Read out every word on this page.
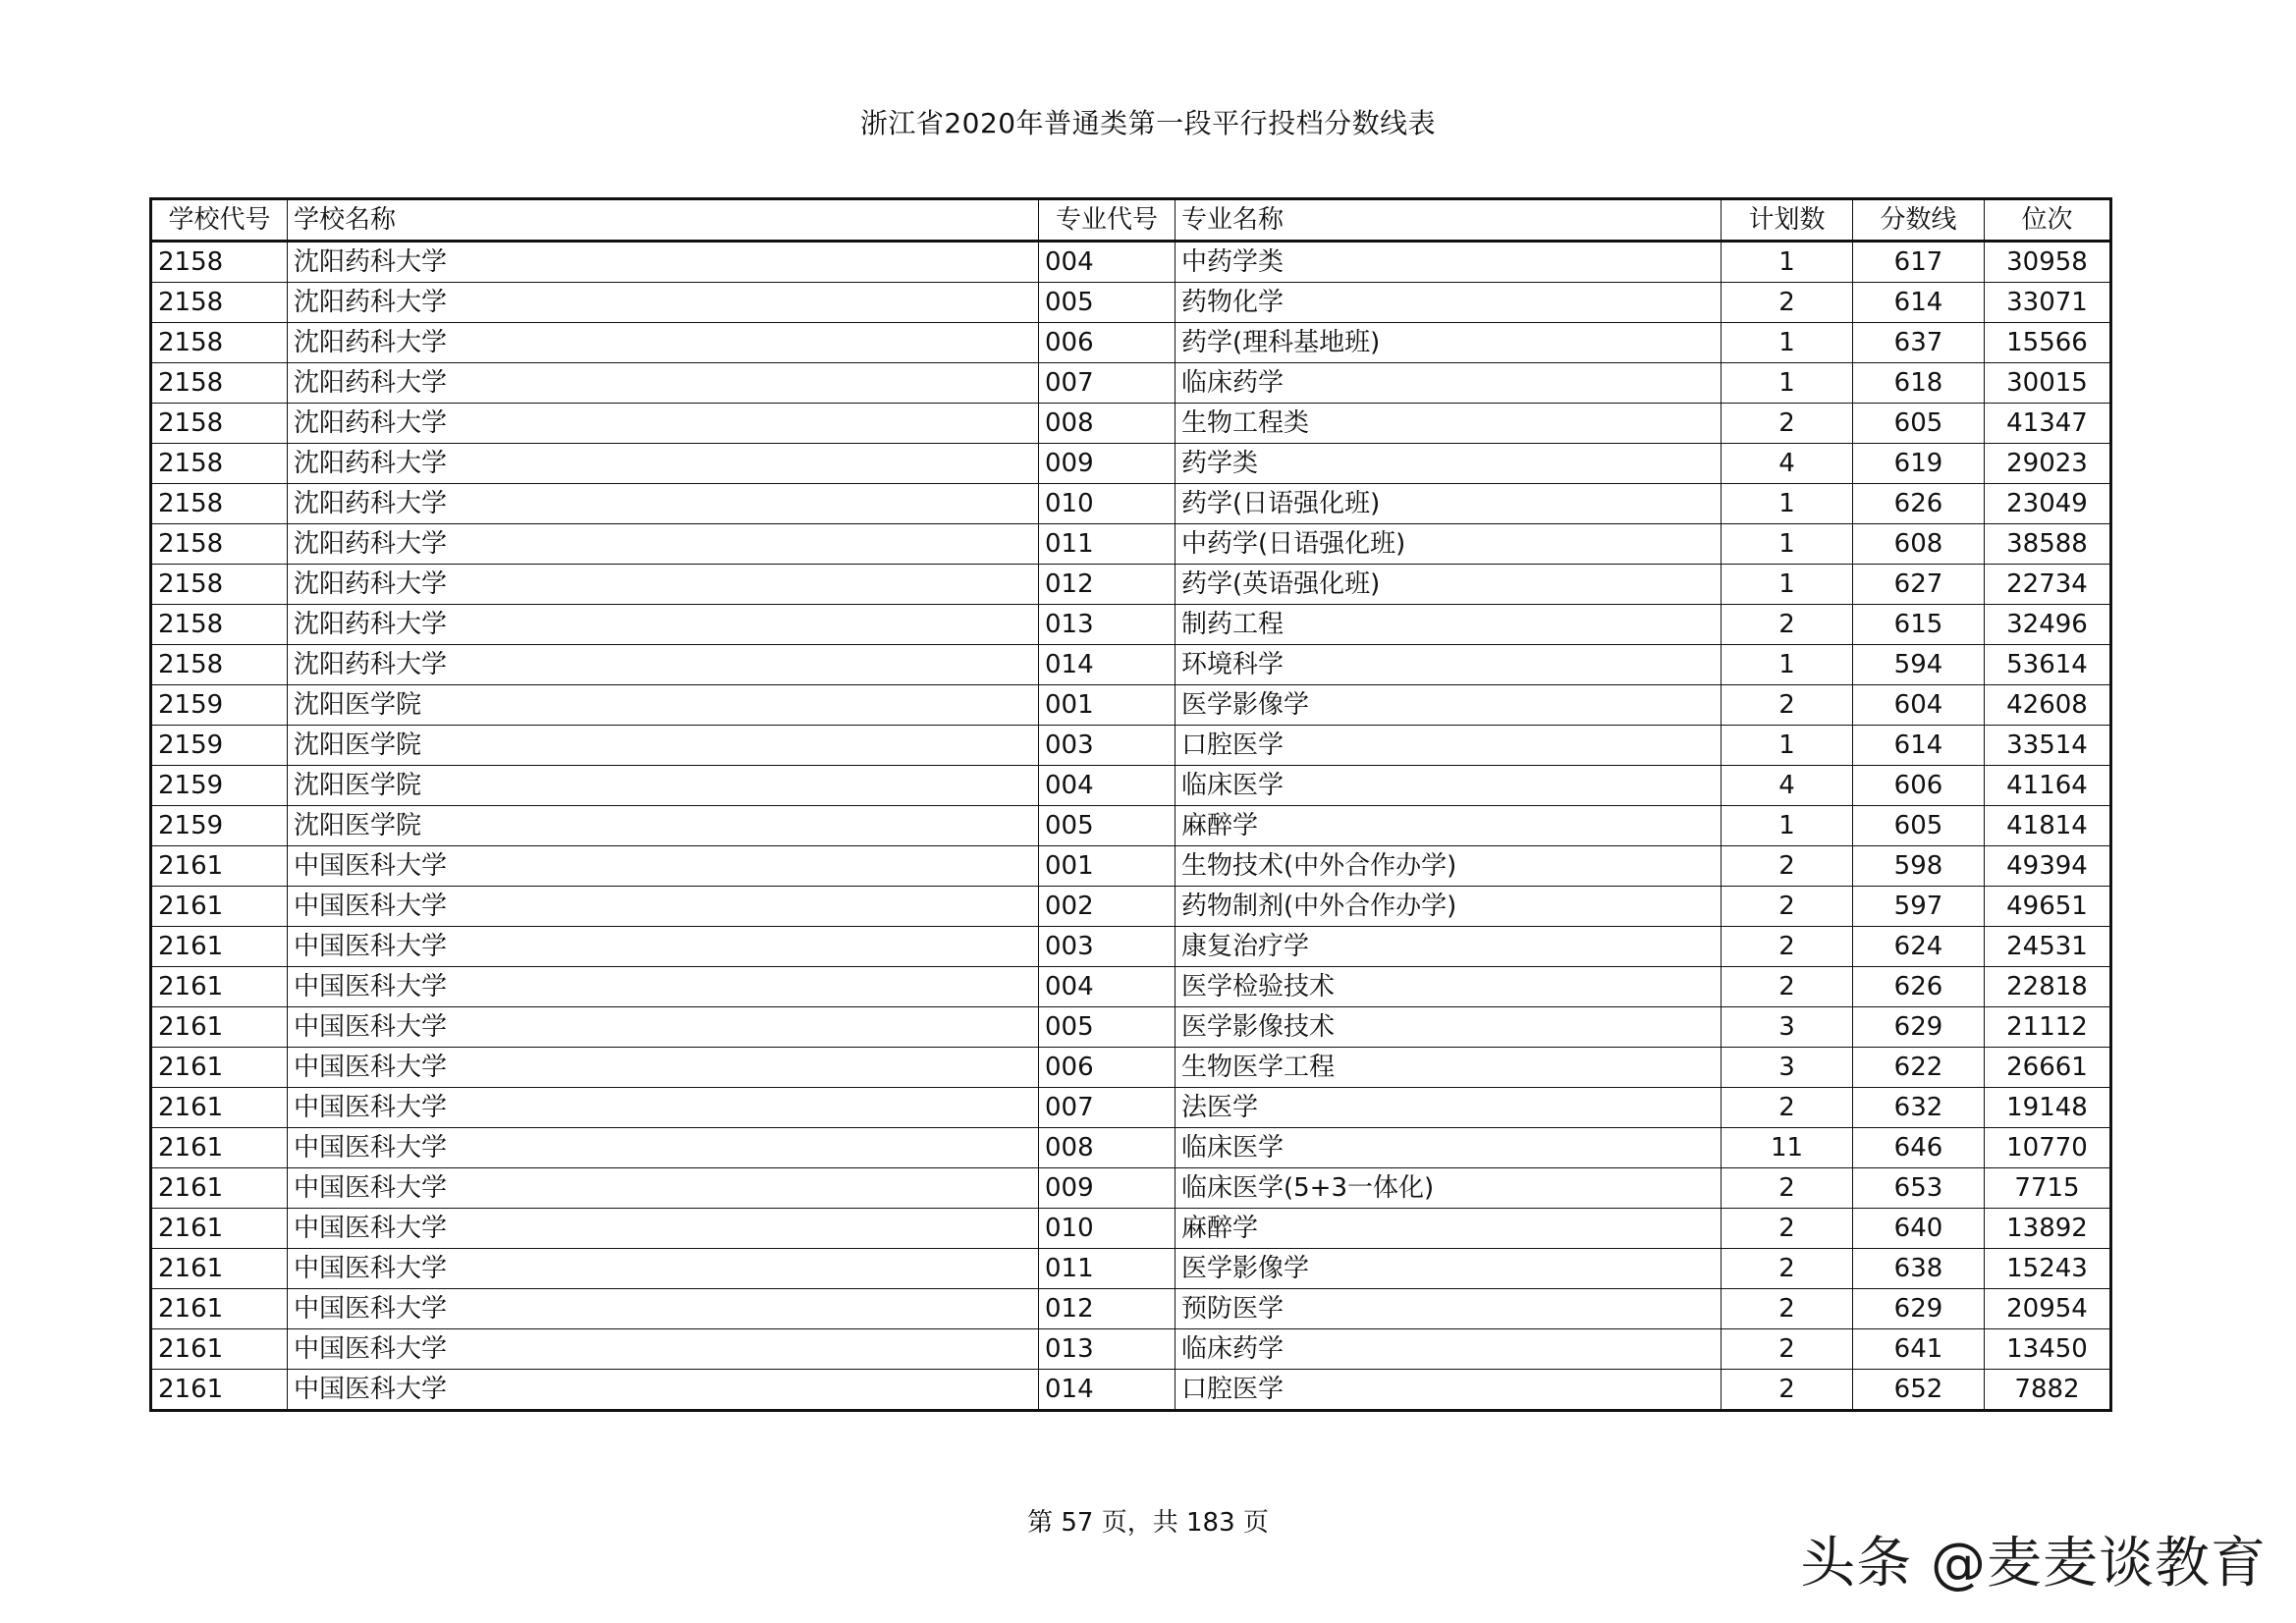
浙江省2020年普通类第一段平行投档分数线表
学校代号	学校名称	专业代号	专业名称	计划数	分数线	位次
2158	沈阳药科大学	004	中药学类	1	617	30958
2158	沈阳药科大学	005	药物化学	2	614	33071
2158	沈阳药科大学	006	药学(理科基地班)	1	637	15566
2158	沈阳药科大学	007	临床药学	1	618	30015
2158	沈阳药科大学	008	生物工程类	2	605	41347
2158	沈阳药科大学	009	药学类	4	619	29023
2158	沈阳药科大学	010	药学(日语强化班)	1	626	23049
2158	沈阳药科大学	011	中药学(日语强化班)	1	608	38588
2158	沈阳药科大学	012	药学(英语强化班)	1	627	22734
2158	沈阳药科大学	013	制药工程	2	615	32496
2158	沈阳药科大学	014	环境科学	1	594	53614
2159	沈阳医学院	001	医学影像学	2	604	42608
2159	沈阳医学院	003	口腔医学	1	614	33514
2159	沈阳医学院	004	临床医学	4	606	41164
2159	沈阳医学院	005	麻醉学	1	605	41814
2161	中国医科大学	001	生物技术(中外合作办学)	2	598	49394
2161	中国医科大学	002	药物制剂(中外合作办学)	2	597	49651
2161	中国医科大学	003	康复治疗学	2	624	24531
2161	中国医科大学	004	医学检验技术	2	626	22818
2161	中国医科大学	005	医学影像技术	3	629	21112
2161	中国医科大学	006	生物医学工程	3	622	26661
2161	中国医科大学	007	法医学	2	632	19148
2161	中国医科大学	008	临床医学	11	646	10770
2161	中国医科大学	009	临床医学(5+3一体化)	2	653	7715
2161	中国医科大学	010	麻醉学	2	640	13892
2161	中国医科大学	011	医学影像学	2	638	15243
2161	中国医科大学	012	预防医学	2	629	20954
2161	中国医科大学	013	临床药学	2	641	13450
2161	中国医科大学	014	口腔医学	2	652	7882
第 57 页，共 183 页
头条 @麦麦谈教育
